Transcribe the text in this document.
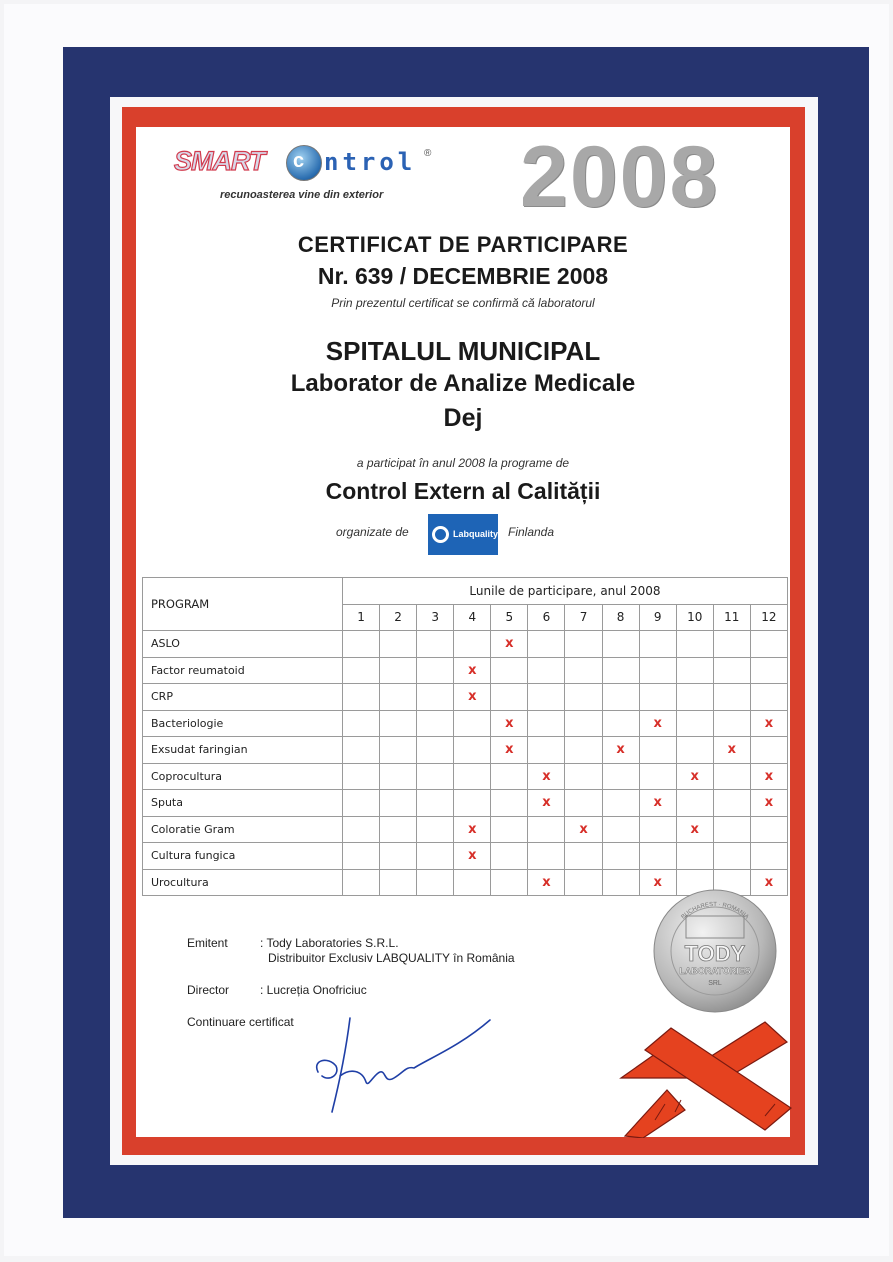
SMART c ntrol ®
recunoasterea vine din exterior 2008
CERTIFICAT DE PARTICIPARE
Nr. 639 / DECEMBRIE 2008
Prin prezentul certificat se confirmă că laboratorul
SPITALUL MUNICIPAL
Laborator de Analize Medicale
Dej
a participat în anul 2008 la programe de
Control Extern al Calității
organizate de	Labquality Finlanda
PROGRAM	Lunile de participare, anul 2008											
	1	2	3	4	5	6	7	8	9	10	11	12
ASLO					x							
Factor reumatoid				x								
CRP				x								
Bacteriologie					x				x			x
Exsudat faringian					x			x			x	
Coprocultura						x				x		x
Sputa						x			x			x
Coloratie Gram				x			x			x		
Cultura fungica				x								
Urocultura						x			x			x
Emitent	: Tody Laboratories S.R.L.
Distribuitor Exclusiv LABQUALITY în România
Director	: Lucreția Onofriciuc
Continuare certificat
TODY
LABORATORIES
SRL
BUCHAREST · ROMANIA
